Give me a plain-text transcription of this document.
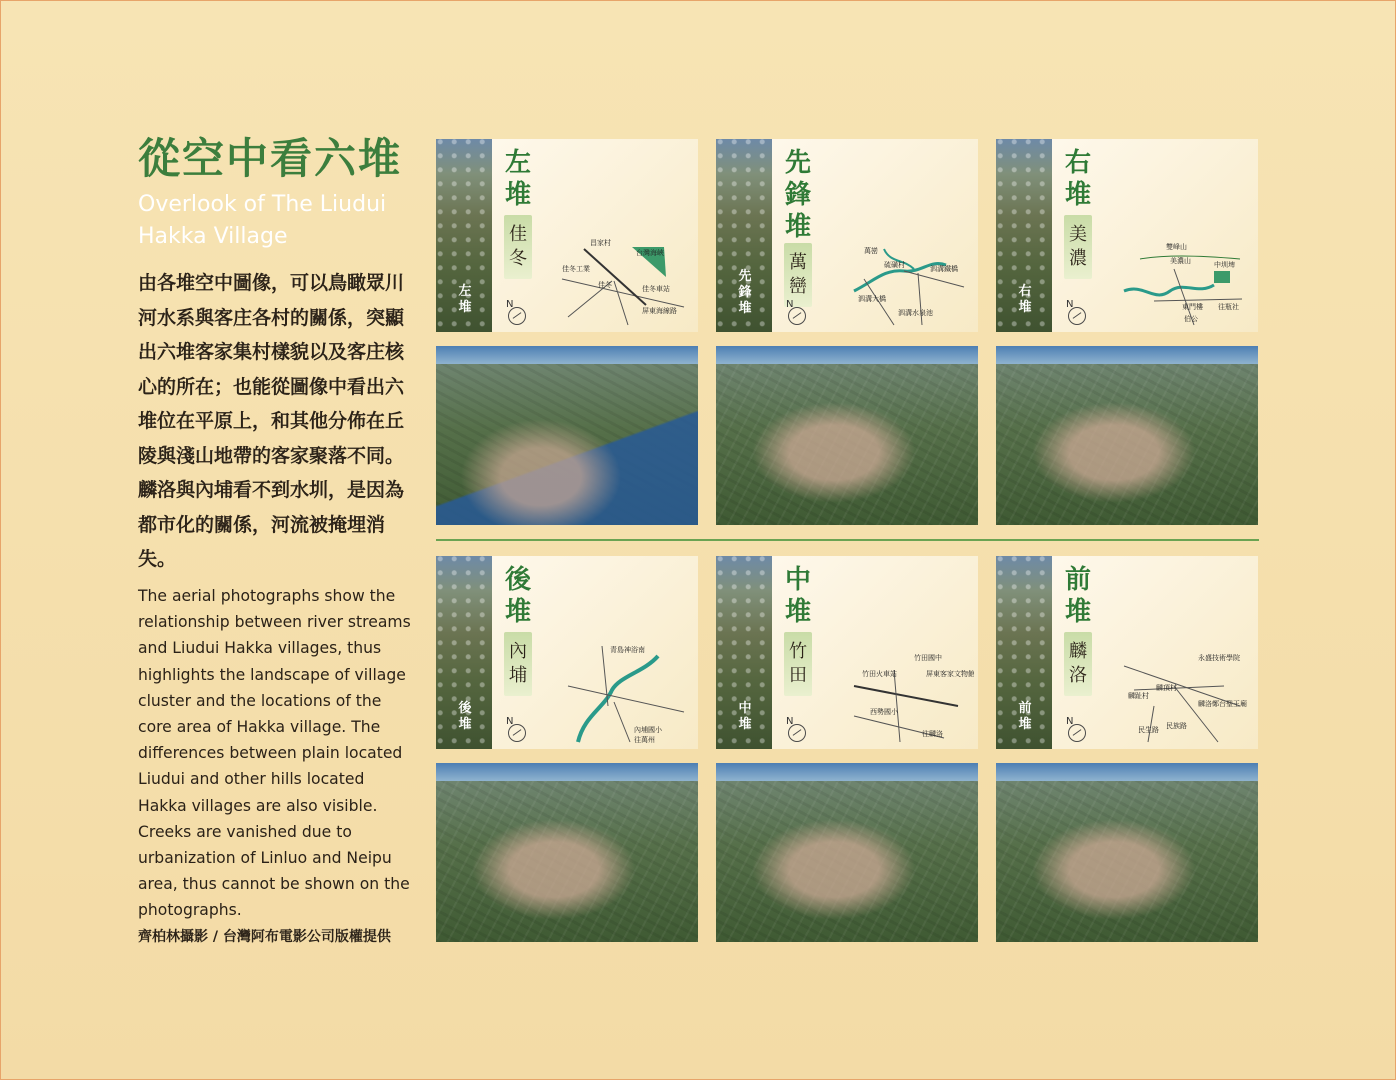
從空中看六堆
Overlook of The Liudui Hakka Village
由各堆空中圖像，可以鳥瞰眾川河水系與客庄各村的關係，突顯出六堆客家集村樣貌以及客庄核心的所在；也能從圖像中看出六堆位在平原上，和其他分佈在丘陵與淺山地帶的客家聚落不同。麟洛與內埔看不到水圳，是因為都市化的關係，河流被掩埋消失。
The aerial photographs show the relationship between river streams and Liudui Hakka villages, thus highlights the landscape of village cluster and the locations of the core area of Hakka village. The differences between plain located Liudui and other hills located Hakka villages are also visible. Creeks are vanished due to urbanization of Linluo and Neipu area, thus cannot be shown on the photographs.
齊柏林攝影 / 台灣阿布電影公司版權提供
左堆
左堆
佳冬
N
昌家村
台灣海峽
佳冬工業
佳冬	佳冬車站
屏東海線路
先鋒堆
先鋒堆
萬巒
N
萬巒
硫磺村	泗溝鐵橋
泗溝大橋
泗溝水泉池
右堆
右堆
美濃
N
雙峰山
美濃山	中圳埤
東門樓 往瓶社
伯公
後堆
後堆
內埔
N
青島神浴南
內埔國小
往萬州
中堆
中堆
竹田
N
竹田國中
竹田火車站	屏東客家文物館
西勢國小
往麟洛
前堆
前堆
麟洛
N
永盛技術學院
麟趾村
麟頂村
麟洛鄭台聖王廟
民族路
民生路
